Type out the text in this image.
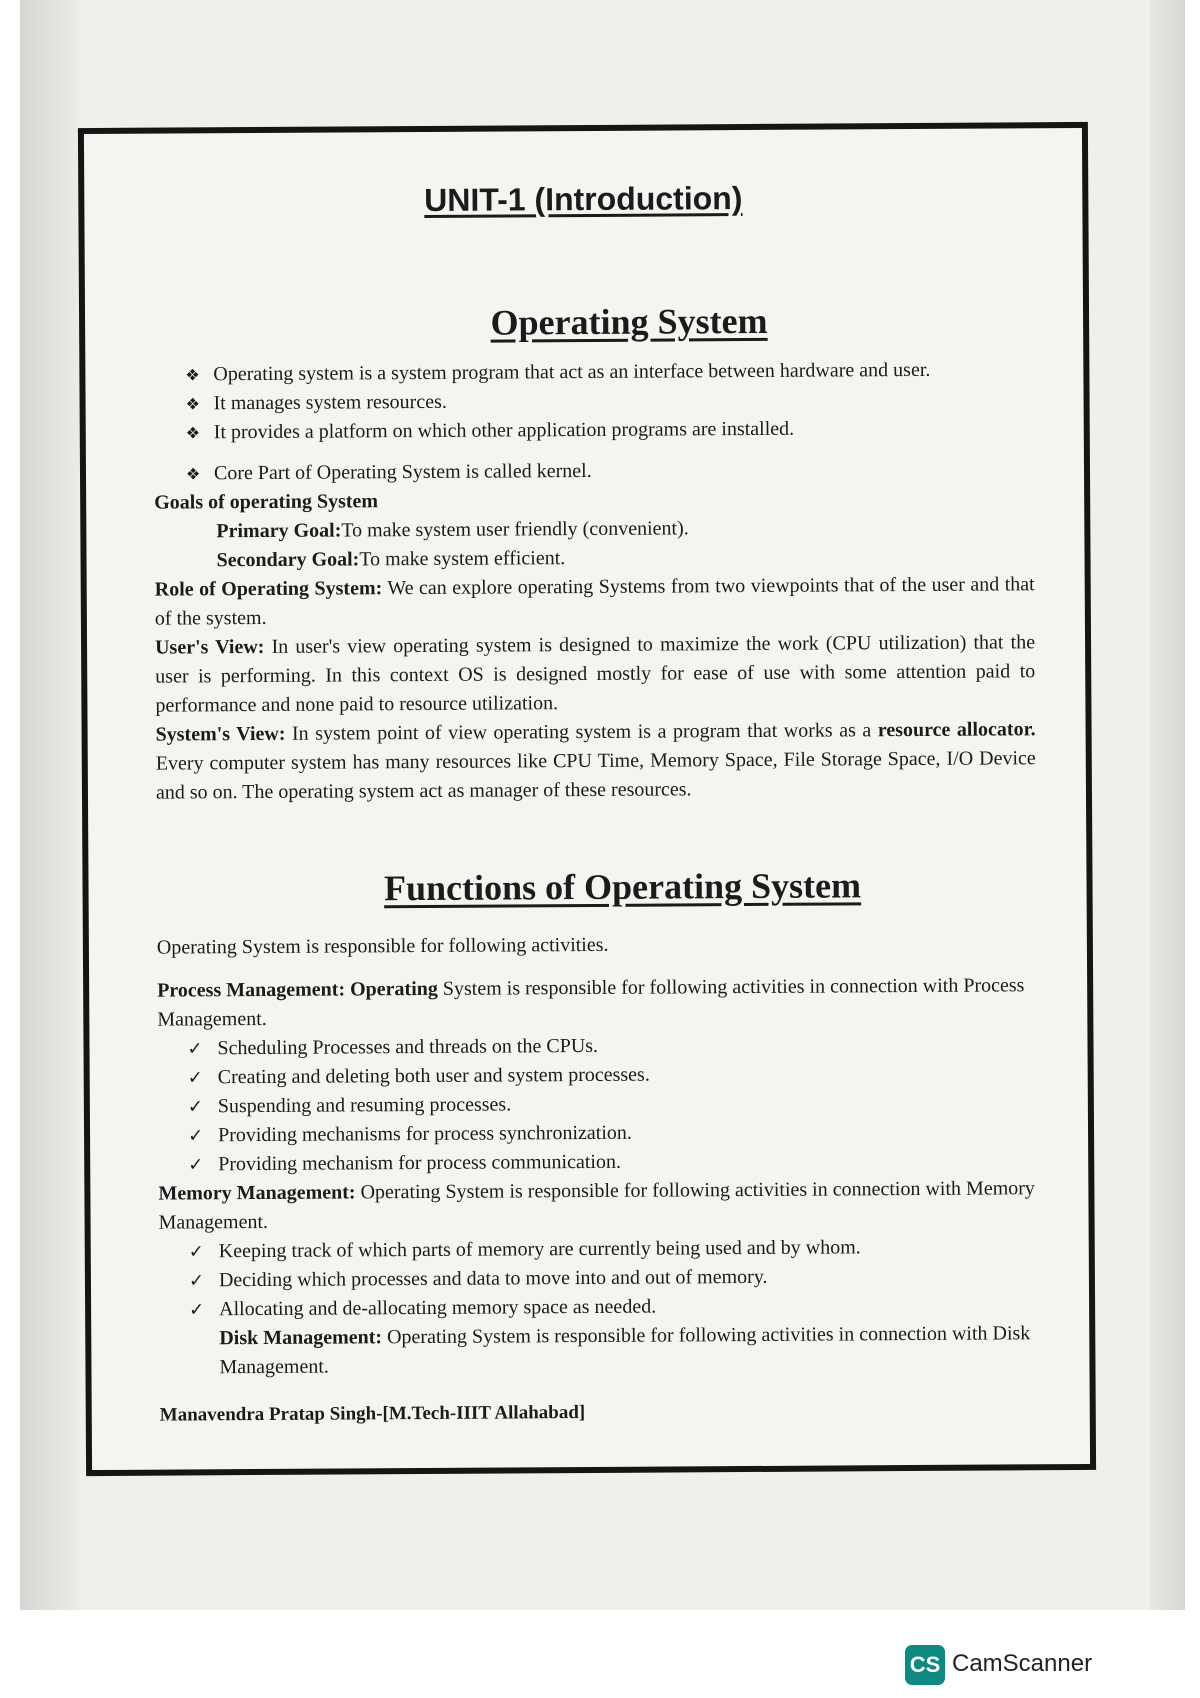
UNIT-1 (Introduction)
Operating System
❖ Operating system is a system program that act as an interface between hardware and user.
❖ It manages system resources.
❖ It provides a platform on which other application programs are installed.
❖ Core Part of Operating System is called kernel.
Goals of operating System
Primary Goal:To make system user friendly (convenient).
Secondary Goal:To make system efficient.
Role of Operating System: We can explore operating Systems from two viewpoints that of the user and that of the system.
User's View: In user's view operating system is designed to maximize the work (CPU utilization) that the user is performing. In this context OS is designed mostly for ease of use with some attention paid to performance and none paid to resource utilization.
System's View: In system point of view operating system is a program that works as a resource allocator. Every computer system has many resources like CPU Time, Memory Space, File Storage Space, I/O Device and so on. The operating system act as manager of these resources.
Functions of Operating System
Operating System is responsible for following activities.
Process Management: Operating System is responsible for following activities in connection with Process Management.
✓ Scheduling Processes and threads on the CPUs.
✓ Creating and deleting both user and system processes.
✓ Suspending and resuming processes.
✓ Providing mechanisms for process synchronization.
✓ Providing mechanism for process communication.
Memory Management: Operating System is responsible for following activities in connection with Memory Management.
✓ Keeping track of which parts of memory are currently being used and by whom.
✓ Deciding which processes and data to move into and out of memory.
✓ Allocating and de-allocating memory space as needed.
Disk Management: Operating System is responsible for following activities in connection with Disk Management.
Manavendra Pratap Singh-[M.Tech-IIIT Allahabad]
CS CamScanner
